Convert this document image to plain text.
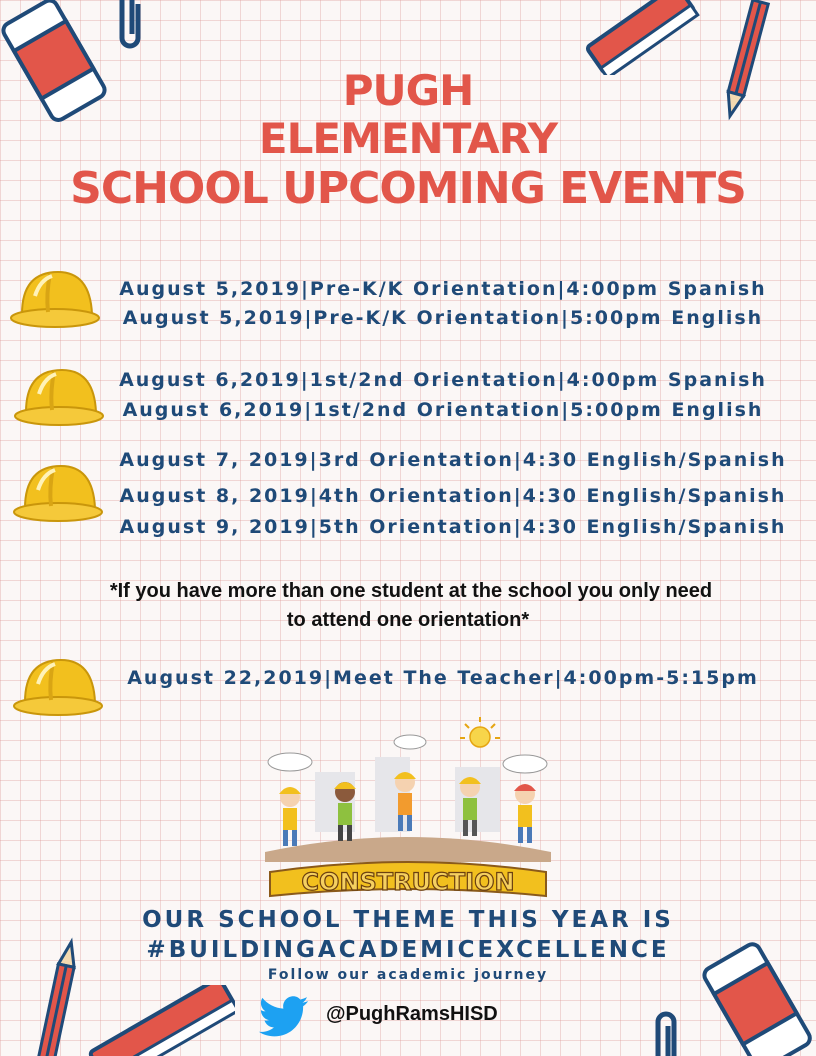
PUGH
ELEMENTARY
SCHOOL UPCOMING EVENTS
August 5,2019|Pre-K/K Orientation|4:00pm Spanish
August 5,2019|Pre-K/K Orientation|5:00pm English
August 6,2019|1st/2nd Orientation|4:00pm Spanish
August 6,2019|1st/2nd Orientation|5:00pm English
August 7, 2019|3rd Orientation|4:30 English/Spanish
August 8, 2019|4th Orientation|4:30 English/Spanish
August 9, 2019|5th Orientation|4:30 English/Spanish
*If you have more than one student at the school you only need
to attend one orientation*
August 22,2019|Meet The Teacher|4:00pm-5:15pm
CONSTRUCTION
OUR SCHOOL THEME THIS YEAR IS
#BUILDINGACADEMICEXCELLENCE
Follow our academic journey
@PughRamsHISD
